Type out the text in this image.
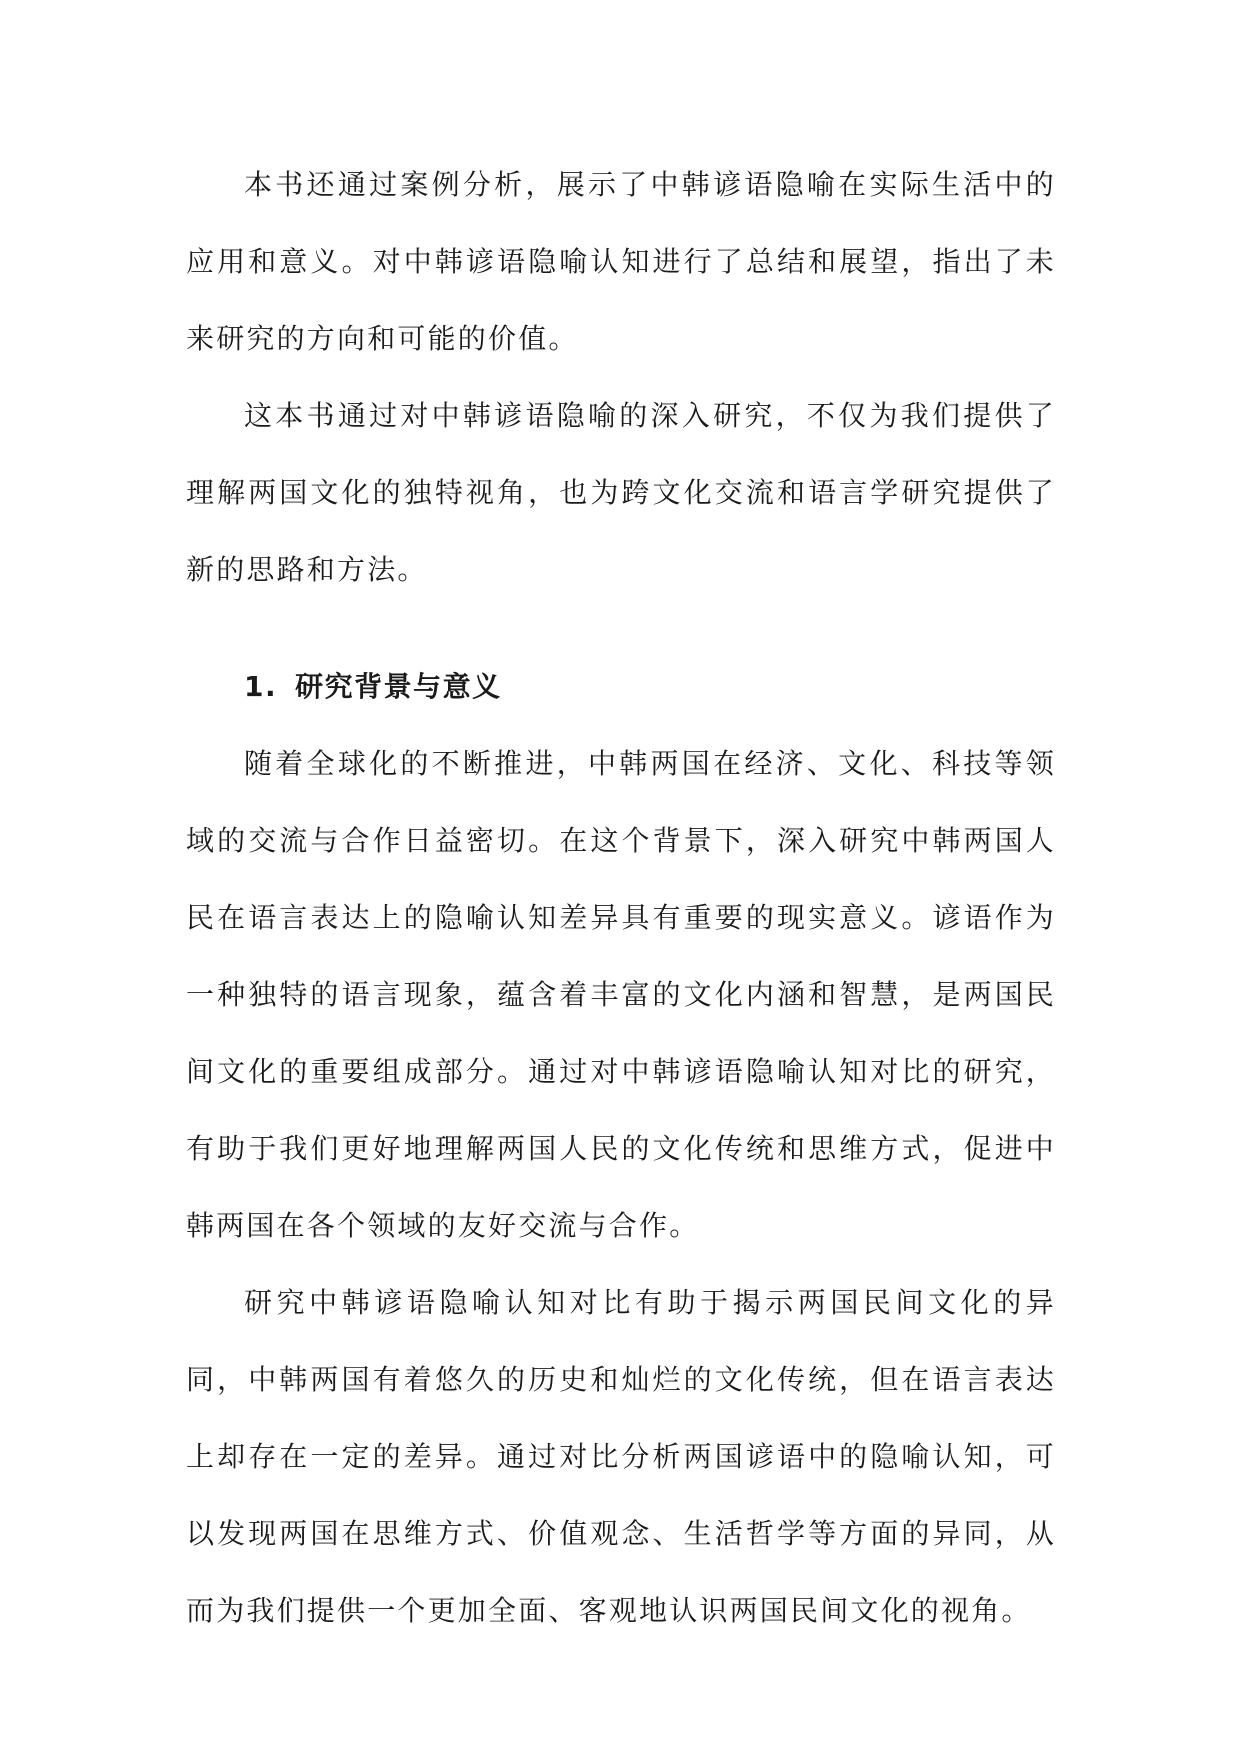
本书还通过案例分析，展示了中韩谚语隐喻在实际生活中的应用和意义。对中韩谚语隐喻认知进行了总结和展望，指出了未来研究的方向和可能的价值。

这本书通过对中韩谚语隐喻的深入研究，不仅为我们提供了理解两国文化的独特视角，也为跨文化交流和语言学研究提供了新的思路和方法。

1. 研究背景与意义

随着全球化的不断推进，中韩两国在经济、文化、科技等领域的交流与合作日益密切。在这个背景下，深入研究中韩两国人民在语言表达上的隐喻认知差异具有重要的现实意义。谚语作为一种独特的语言现象，蕴含着丰富的文化内涵和智慧，是两国民间文化的重要组成部分。通过对中韩谚语隐喻认知对比的研究，有助于我们更好地理解两国人民的文化传统和思维方式，促进中韩两国在各个领域的友好交流与合作。

研究中韩谚语隐喻认知对比有助于揭示两国民间文化的异同，中韩两国有着悠久的历史和灿烂的文化传统，但在语言表达上却存在一定的差异。通过对比分析两国谚语中的隐喻认知，可以发现两国在思维方式、价值观念、生活哲学等方面的异同，从而为我们提供一个更加全面、客观地认识两国民间文化的视角。
